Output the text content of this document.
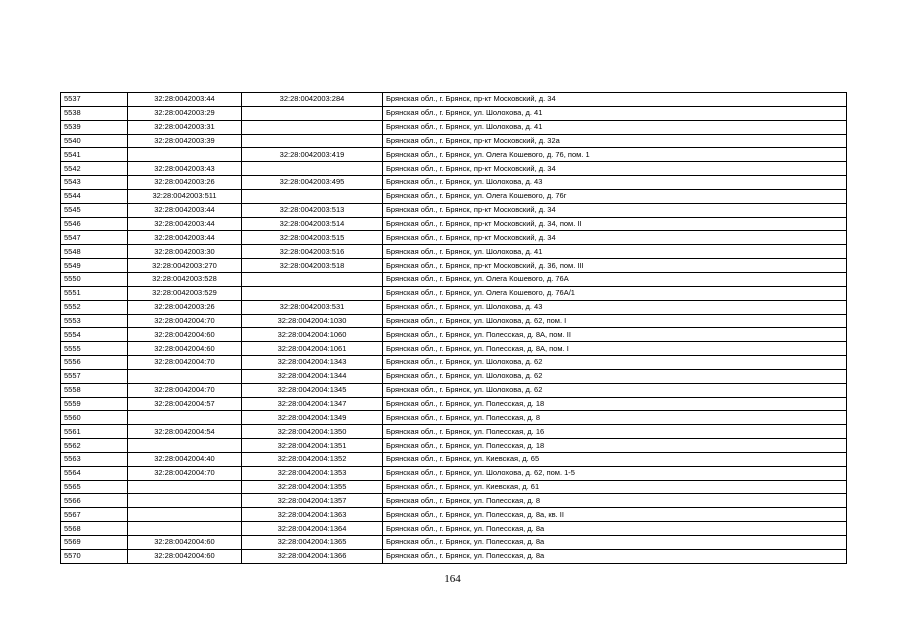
5537	32:28:0042003:44	32:28:0042003:284	Брянская обл., г. Брянск, пр-кт Московский, д. 34
5538	32:28:0042003:29		Брянская обл., г. Брянск, ул. Шолохова, д. 41
5539	32:28:0042003:31		Брянская обл., г. Брянск, ул. Шолохова, д. 41
5540	32:28:0042003:39		Брянская обл., г. Брянск, пр-кт Московский, д. 32а
5541		32:28:0042003:419	Брянская обл., г. Брянск, ул. Олега Кошевого, д. 76, пом. 1
5542	32:28:0042003:43		Брянская обл., г. Брянск, пр-кт Московский, д. 34
5543	32:28:0042003:26	32:28:0042003:495	Брянская обл., г. Брянск, ул. Шолохова, д. 43
5544	32:28:0042003:511		Брянская обл., г. Брянск, ул. Олега Кошевого, д. 76г
5545	32:28:0042003:44	32:28:0042003:513	Брянская обл., г. Брянск, пр-кт Московский, д. 34
5546	32:28:0042003:44	32:28:0042003:514	Брянская обл., г. Брянск, пр-кт Московский, д. 34, пом. II
5547	32:28:0042003:44	32:28:0042003:515	Брянская обл., г. Брянск, пр-кт Московский, д. 34
5548	32:28:0042003:30	32:28:0042003:516	Брянская обл., г. Брянск, ул. Шолохова, д. 41
5549	32:28:0042003:270	32:28:0042003:518	Брянская обл., г. Брянск, пр-кт Московский, д. 36, пом. III
5550	32:28:0042003:528		Брянская обл., г. Брянск, ул. Олега Кошевого, д. 76А
5551	32:28:0042003:529		Брянская обл., г. Брянск, ул. Олега Кошевого, д. 76А/1
5552	32:28:0042003:26	32:28:0042003:531	Брянская обл., г. Брянск, ул. Шолохова, д. 43
5553	32:28:0042004:70	32:28:0042004:1030	Брянская обл., г. Брянск, ул. Шолохова, д. 62, пом. I
5554	32:28:0042004:60	32:28:0042004:1060	Брянская обл., г. Брянск, ул. Полесская, д. 8А, пом. II
5555	32:28:0042004:60	32:28:0042004:1061	Брянская обл., г. Брянск, ул. Полесская, д. 8А, пом. I
5556	32:28:0042004:70	32:28:0042004:1343	Брянская обл., г. Брянск, ул. Шолохова, д. 62
5557		32:28:0042004:1344	Брянская обл., г. Брянск, ул. Шолохова, д. 62
5558	32:28:0042004:70	32:28:0042004:1345	Брянская обл., г. Брянск, ул. Шолохова, д. 62
5559	32:28:0042004:57	32:28:0042004:1347	Брянская обл., г. Брянск, ул. Полесская, д. 18
5560		32:28:0042004:1349	Брянская обл., г. Брянск, ул. Полесская, д. 8
5561	32:28:0042004:54	32:28:0042004:1350	Брянская обл., г. Брянск, ул. Полесская, д. 16
5562		32:28:0042004:1351	Брянская обл., г. Брянск, ул. Полесская, д. 18
5563	32:28:0042004:40	32:28:0042004:1352	Брянская обл., г. Брянск, ул. Киевская, д. 65
5564	32:28:0042004:70	32:28:0042004:1353	Брянская обл., г. Брянск, ул. Шолохова, д. 62, пом. 1-5
5565		32:28:0042004:1355	Брянская обл., г. Брянск, ул. Киевская, д. 61
5566		32:28:0042004:1357	Брянская обл., г. Брянск, ул. Полесская, д. 8
5567		32:28:0042004:1363	Брянская обл., г. Брянск, ул. Полесская, д. 8а, кв. II
5568		32:28:0042004:1364	Брянская обл., г. Брянск, ул. Полесская, д. 8а
5569	32:28:0042004:60	32:28:0042004:1365	Брянская обл., г. Брянск, ул. Полесская, д. 8а
5570	32:28:0042004:60	32:28:0042004:1366	Брянская обл., г. Брянск, ул. Полесская, д. 8а
164
